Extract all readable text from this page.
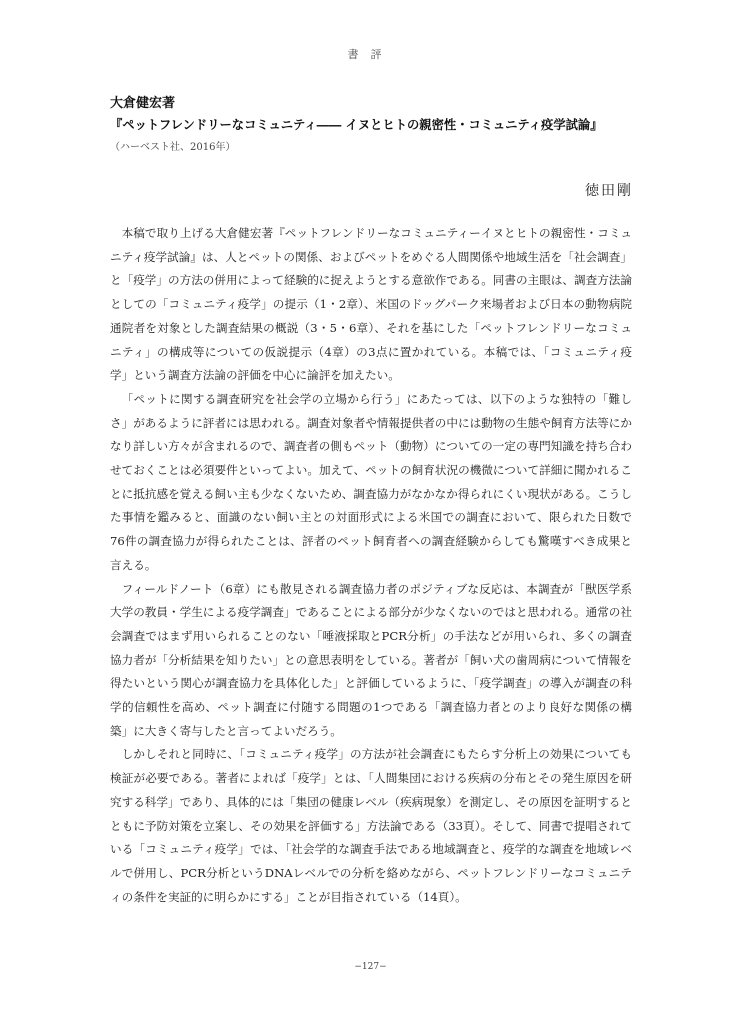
書評
大倉健宏著
『ペットフレンドリーなコミュニティ―― イヌとヒトの親密性・コミュニティ疫学試論』
（ハーベスト社、2016年）
徳田剛

本稿で取り上げる大倉健宏著『ペットフレンドリーなコミュニティーイヌとヒトの親密性・コミュニティ疫学試論』は、人とペットの関係、およびペットをめぐる人間関係や地域生活を「社会調査」と「疫学」の方法の併用によって経験的に捉えようとする意欲作である。同書の主眼は、調査方法論としての「コミュニティ疫学」の提示（1・2章）、米国のドッグパーク来場者および日本の動物病院通院者を対象とした調査結果の概説（3・5・6章）、それを基にした「ペットフレンドリーなコミュニティ」の構成等についての仮説提示（4章）の3点に置かれている。本稿では、「コミュニティ疫学」という調査方法論の評価を中心に論評を加えたい。

「ペットに関する調査研究を社会学の立場から行う」にあたっては、以下のような独特の「難しさ」があるように評者には思われる。調査対象者や情報提供者の中には動物の生態や飼育方法等にかなり詳しい方々が含まれるので、調査者の側もペット（動物）についての一定の専門知識を持ち合わせておくことは必須要件といってよい。加えて、ペットの飼育状況の機微について詳細に聞かれることに抵抗感を覚える飼い主も少なくないため、調査協力がなかなか得られにくい現状がある。こうした事情を鑑みると、面識のない飼い主との対面形式による米国での調査において、限られた日数で76件の調査協力が得られたことは、評者のペット飼育者への調査経験からしても驚嘆すべき成果と言える。

フィールドノート（6章）にも散見される調査協力者のポジティブな反応は、本調査が「獣医学系大学の教員・学生による疫学調査」であることによる部分が少なくないのではと思われる。通常の社会調査ではまず用いられることのない「唾液採取とPCR分析」の手法などが用いられ、多くの調査協力者が「分析結果を知りたい」との意思表明をしている。著者が「飼い犬の歯周病について情報を得たいという関心が調査協力を具体化した」と評価しているように、「疫学調査」の導入が調査の科学的信頼性を高め、ペット調査に付随する問題の1つである「調査協力者とのより良好な関係の構築」に大きく寄与したと言ってよいだろう。

しかしそれと同時に、「コミュニティ疫学」の方法が社会調査にもたらす分析上の効果についても検証が必要である。著者によれば「疫学」とは、「人間集団における疾病の分布とその発生原因を研究する科学」であり、具体的には「集団の健康レベル（疾病現象）を測定し、その原因を証明するとともに予防対策を立案し、その効果を評価する」方法論である（33頁）。そして、同書で提唱されている「コミュニティ疫学」では、「社会学的な調査手法である地域調査と、疫学的な調査を地域レベルで併用し、PCR分析というDNAレベルでの分析を絡めながら、ペットフレンドリーなコミュニティの条件を実証的に明らかにする」ことが目指されている（14頁）。

−127−
